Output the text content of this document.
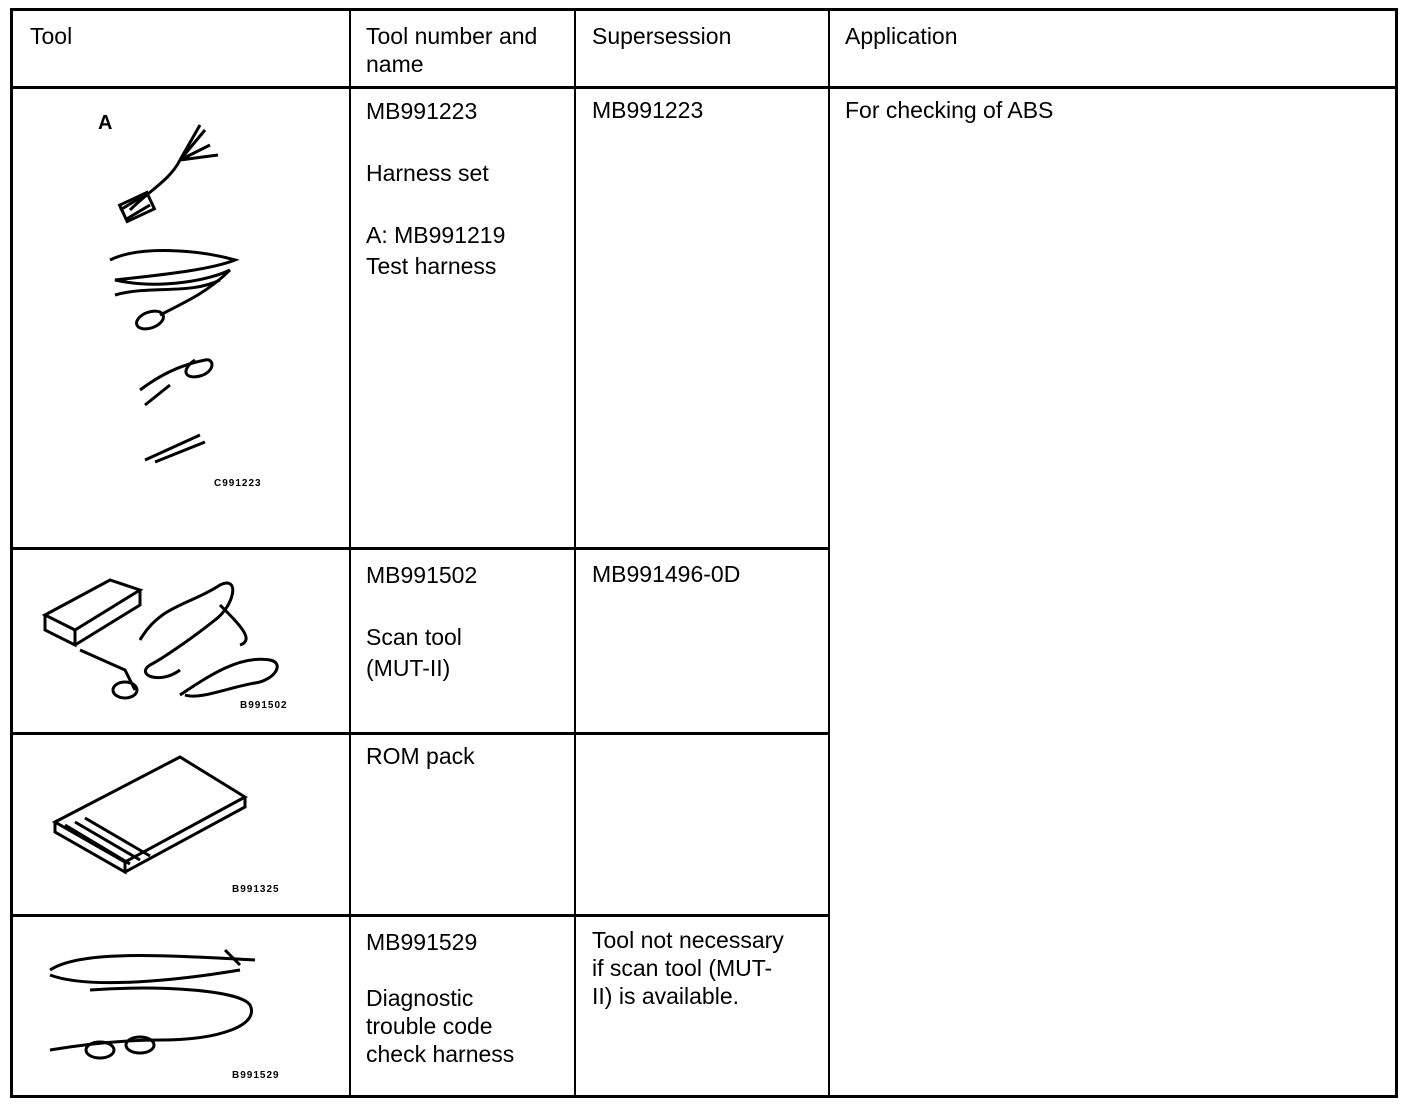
Tool	Tool number and
name
Supersession	Application
A
C991223
MB991223

Harness set

A: MB991219
Test harness
MB991223
B991502
MB991502

Scan tool
(MUT-II)
MB991496-0D
B991325
ROM pack
B991529
MB991529

Diagnostic
trouble code
check harness
Tool not necessary
if scan tool (MUT-
II) is available.
For checking of ABS
